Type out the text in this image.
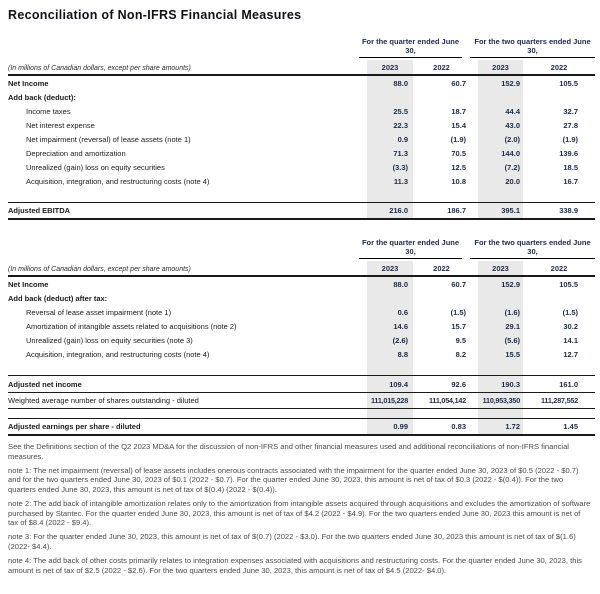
Reconciliation of Non-IFRS Financial Measures
For the quarter ended June 30,
For the two quarters ended June 30,
(In millions of Canadian dollars, except per share amounts)	2023	2022	2023	2022
Net Income	88.0	60.7	152.9	105.5
Add back (deduct):
Income taxes	25.5	18.7	44.4	32.7
Net interest expense	22.3	15.4	43.0	27.8
Net impairment (reversal) of lease assets (note 1)	0.9	(1.9)	(2.0)	(1.9)
Depreciation and amortization	71.3	70.5	144.0	139.6
Unrealized (gain) loss on equity securities	(3.3)	12.5	(7.2)	18.5
Acquisition, integration, and restructuring costs (note 4)	11.3	10.8	20.0	16.7
Adjusted EBITDA	216.0	186.7	395.1	338.9
For the quarter ended June 30,
For the two quarters ended June 30,
(In millions of Canadian dollars, except per share amounts)	2023	2022	2023	2022
Net Income	88.0	60.7	152.9	105.5
Add back (deduct) after tax:
Reversal of lease asset impairment (note 1)	0.6	(1.5)	(1.6)	(1.5)
Amortization of intangible assets related to acquisitions (note 2)	14.6	15.7	29.1	30.2
Unrealized (gain) loss on equity securities (note 3)	(2.6)	9.5	(5.6)	14.1
Acquisition, integration, and restructuring costs (note 4)	8.8	8.2	15.5	12.7
Adjusted net income	109.4	92.6	190.3	161.0
Weighted average number of shares outstanding - diluted	111,015,228	111,054,142	110,953,350	111,287,552
Adjusted earnings per share - diluted	0.99	0.83	1.72	1.45

See the Definitions section of the Q2 2023 MD&A for the discussion of non-IFRS and other financial measures used and additional reconciliations of non-IFRS financial measures.

note 1: The net impairment (reversal) of lease assets includes onerous contracts associated with the impairment for the quarter ended June 30, 2023 of $0.5 (2022 - $0.7) and for the two quarters ended June 30, 2023 of $0.1 (2022 - $0.7). For the quarter ended June 30, 2023, this amount is net of tax of $0.3 (2022 - $(0.4)). For the two quarters ended June 30, 2023, this amount is net of tax of $(0.4) (2022 - $(0.4)).

note 2: The add back of intangible amortization relates only to the amortization from intangible assets acquired through acquisitions and excludes the amortization of software purchased by Stantec. For the quarter ended June 30, 2023, this amount is net of tax of $4.2 (2022 - $4.9). For the two quarters ended June 30, 2023 this amount is net of tax of $8.4 (2022 - $9.4).

note 3: For the quarter ended June 30, 2023, this amount is net of tax of $(0.7) (2022 - $3.0). For the two quarters ended June 30, 2023 this amount is net of tax of $(1.6) (2022- $4.4).

note 4: The add back of other costs primarily relates to integration expenses associated with acquisitions and restructuring costs. For the quarter ended June 30, 2023, this amount is net of tax of $2.5 (2022 - $2.6). For the two quarters ended June 30, 2023, this amount is net of tax of $4.5 (2022- $4.0).
